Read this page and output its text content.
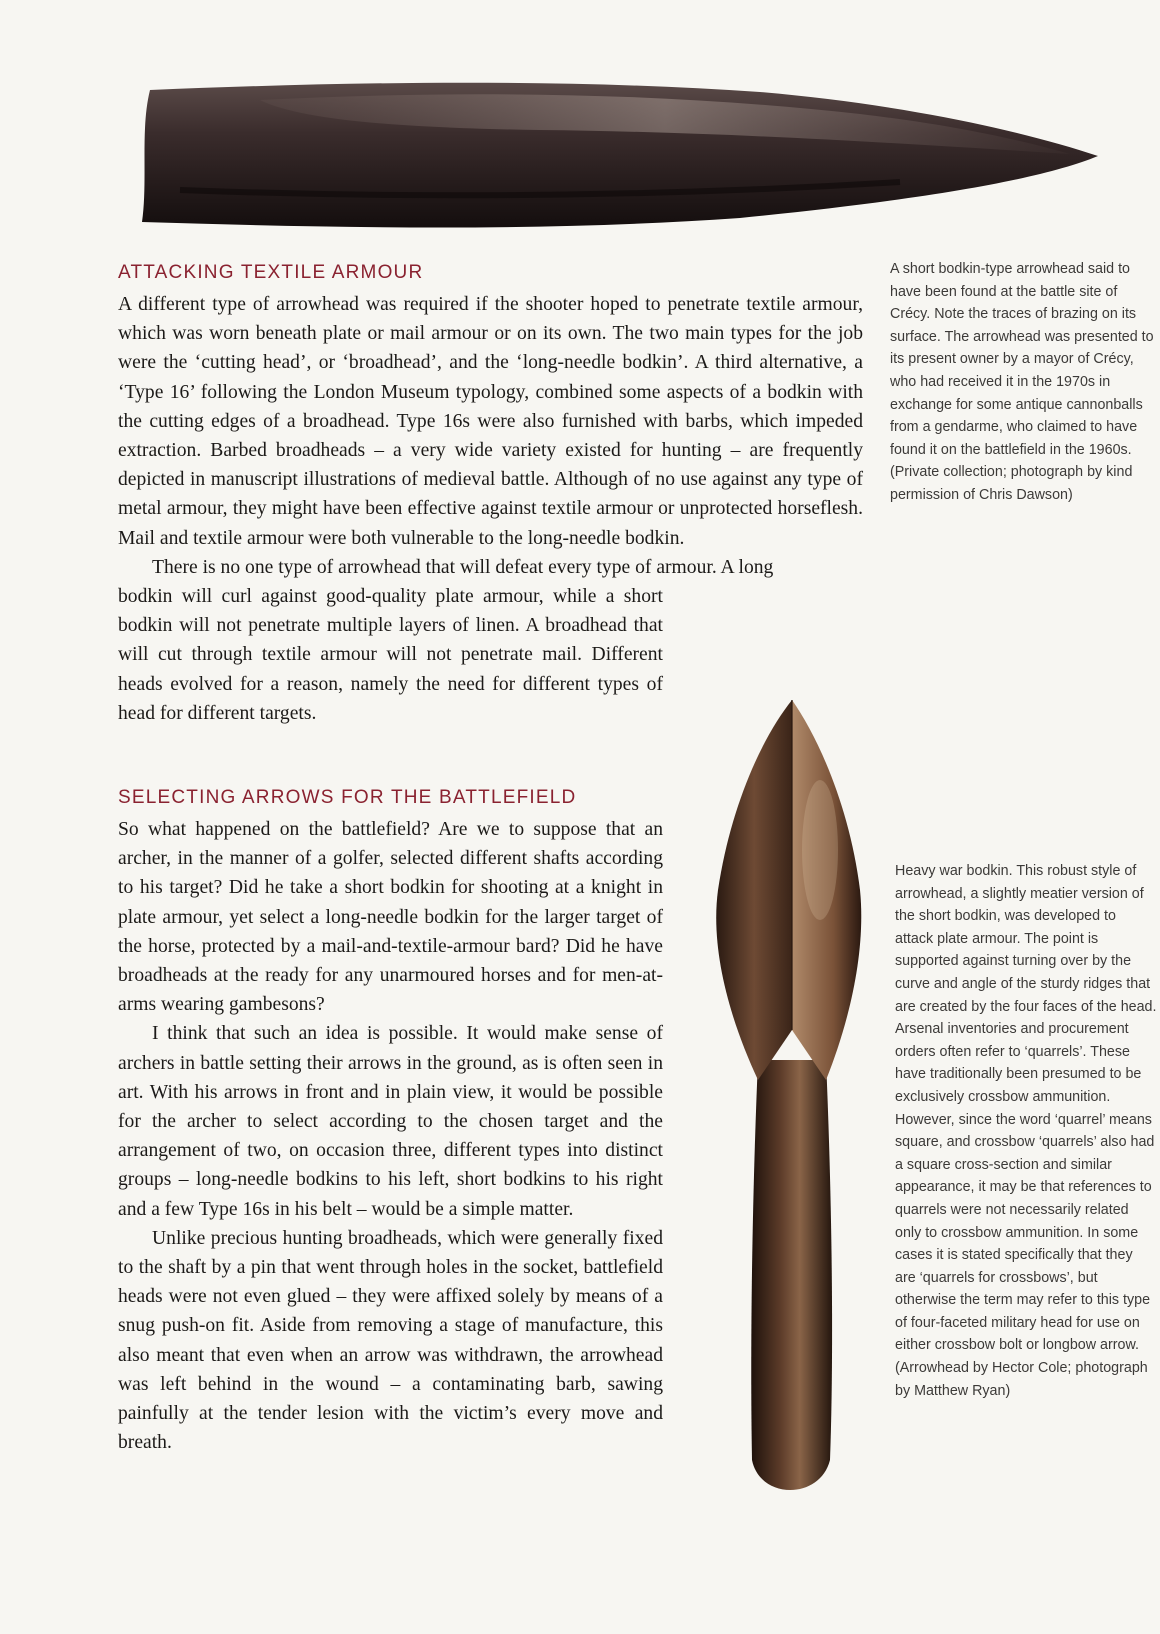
ATTACKING TEXTILE ARMOUR

A different type of arrowhead was required if the shooter hoped to penetrate textile armour, which was worn beneath plate or mail armour or on its own. The two main types for the job were the ‘cutting head’, or ‘broadhead’, and the ‘long-needle bodkin’. A third alternative, a ‘Type 16’ following the London Museum typology, combined some aspects of a bodkin with the cutting edges of a broadhead. Type 16s were also furnished with barbs, which impeded extraction. Barbed broadheads – a very wide variety existed for hunting – are frequently depicted in manuscript illustrations of medieval battle. Although of no use against any type of metal armour, they might have been effective against textile armour or unprotected horseflesh. Mail and textile armour were both vulnerable to the long-needle bodkin.

There is no one type of arrowhead that will defeat every type of armour. A long

bodkin will curl against good-quality plate armour, while a short bodkin will not penetrate multiple layers of linen. A broadhead that will cut through textile armour will not penetrate mail. Different heads evolved for a reason, namely the need for different types of head for different targets.

SELECTING ARROWS FOR THE BATTLEFIELD

So what happened on the battlefield? Are we to suppose that an archer, in the manner of a golfer, selected different shafts according to his target? Did he take a short bodkin for shooting at a knight in plate armour, yet select a long-needle bodkin for the larger target of the horse, protected by a mail-and-textile-armour bard? Did he have broadheads at the ready for any unarmoured horses and for men-at-arms wearing gambesons?

I think that such an idea is possible. It would make sense of archers in battle setting their arrows in the ground, as is often seen in art. With his arrows in front and in plain view, it would be possible for the archer to select according to the chosen target and the arrangement of two, on occasion three, different types into distinct groups – long-needle bodkins to his left, short bodkins to his right and a few Type 16s in his belt – would be a simple matter.

Unlike precious hunting broadheads, which were generally fixed to the shaft by a pin that went through holes in the socket, battlefield heads were not even glued – they were affixed solely by means of a snug push-on fit. Aside from removing a stage of manufacture, this also meant that even when an arrow was withdrawn, the arrowhead was left behind in the wound – a contaminating barb, sawing painfully at the tender lesion with the victim’s every move and breath.

A short bodkin-type arrowhead said to have been found at the battle site of Crécy. Note the traces of brazing on its surface. The arrowhead was presented to its present owner by a mayor of Crécy, who had received it in the 1970s in exchange for some antique cannonballs from a gendarme, who claimed to have found it on the battlefield in the 1960s. (Private collection; photograph by kind permission of Chris Dawson)

Heavy war bodkin. This robust style of arrowhead, a slightly meatier version of the short bodkin, was developed to attack plate armour. The point is supported against turning over by the curve and angle of the sturdy ridges that are created by the four faces of the head. Arsenal inventories and procurement orders often refer to ‘quarrels’. These have traditionally been presumed to be exclusively crossbow ammunition. However, since the word ‘quarrel’ means square, and crossbow ‘quarrels’ also had a square cross-section and similar appearance, it may be that references to quarrels were not necessarily related only to crossbow ammunition. In some cases it is stated specifically that they are ‘quarrels for crossbows’, but otherwise the term may refer to this type of four-faceted military head for use on either crossbow bolt or longbow arrow. (Arrowhead by Hector Cole; photograph by Matthew Ryan)
